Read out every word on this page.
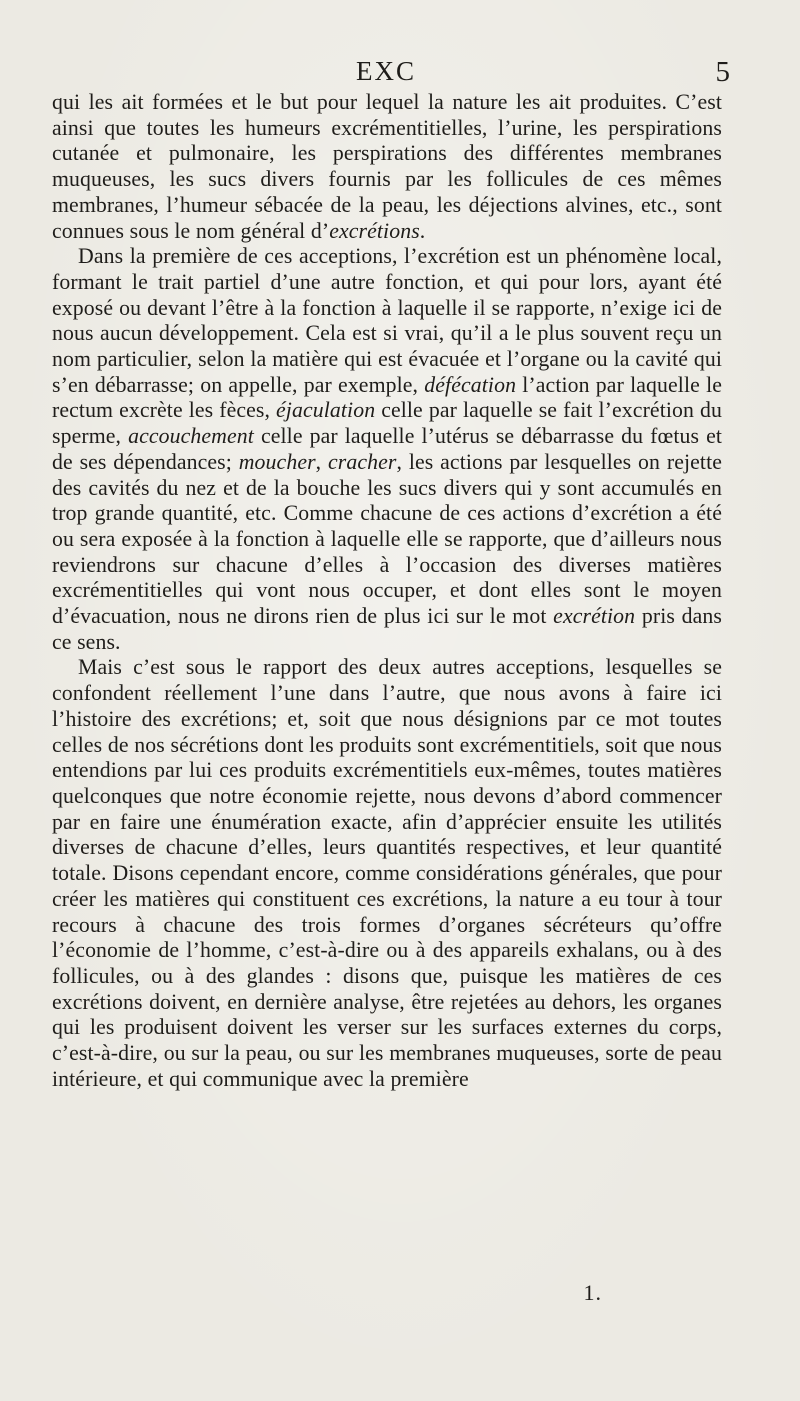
EXC	5

qui les ait formées et le but pour lequel la nature les ait produites. C’est ainsi que toutes les humeurs excrémentitielles, l’urine, les perspirations cutanée et pulmonaire, les perspirations des différentes membranes muqueuses, les sucs divers fournis par les follicules de ces mêmes membranes, l’humeur sébacée de la peau, les déjections alvines, etc., sont connues sous le nom général d’excrétions.

Dans la première de ces acceptions, l’excrétion est un phénomène local, formant le trait partiel d’une autre fonction, et qui pour lors, ayant été exposé ou devant l’être à la fonction à laquelle il se rapporte, n’exige ici de nous aucun développement. Cela est si vrai, qu’il a le plus souvent reçu un nom particulier, selon la matière qui est évacuée et l’organe ou la cavité qui s’en débarrasse; on appelle, par exemple, défécation l’action par laquelle le rectum excrète les fèces, éjaculation celle par laquelle se fait l’excrétion du sperme, accouchement celle par laquelle l’utérus se débarrasse du fœtus et de ses dépendances; moucher, cracher, les actions par lesquelles on rejette des cavités du nez et de la bouche les sucs divers qui y sont accumulés en trop grande quantité, etc. Comme chacune de ces actions d’excrétion a été ou sera exposée à la fonction à laquelle elle se rapporte, que d’ailleurs nous reviendrons sur chacune d’elles à l’occasion des diverses matières excrémentitielles qui vont nous occuper, et dont elles sont le moyen d’évacuation, nous ne dirons rien de plus ici sur le mot excrétion pris dans ce sens.

Mais c’est sous le rapport des deux autres acceptions, lesquelles se confondent réellement l’une dans l’autre, que nous avons à faire ici l’histoire des excrétions; et, soit que nous désignions par ce mot toutes celles de nos sécrétions dont les produits sont excrémentitiels, soit que nous entendions par lui ces produits excrémentitiels eux-mêmes, toutes matières quelconques que notre économie rejette, nous devons d’abord commencer par en faire une énumération exacte, afin d’apprécier ensuite les utilités diverses de chacune d’elles, leurs quantités respectives, et leur quantité totale. Disons cependant encore, comme considérations générales, que pour créer les matières qui constituent ces excrétions, la nature a eu tour à tour recours à chacune des trois formes d’organes sécréteurs qu’offre l’économie de l’homme, c’est-à-dire ou à des appareils exhalans, ou à des follicules, ou à des glandes : disons que, puisque les matières de ces excrétions doivent, en dernière analyse, être rejetées au dehors, les organes qui les produisent doivent les verser sur les surfaces externes du corps, c’est-à-dire, ou sur la peau, ou sur les membranes muqueuses, sorte de peau intérieure, et qui communique avec la première

1.
